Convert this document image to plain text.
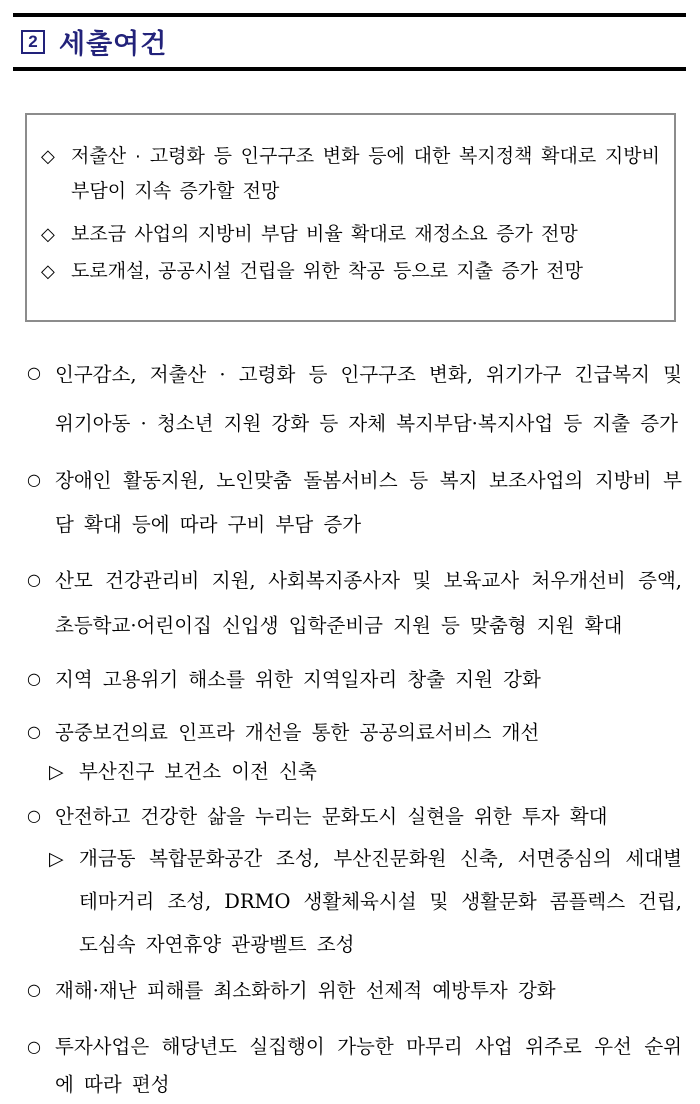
2 세출여건
◇ 저출산 · 고령화 등 인구구조 변화 등에 대한 복지정책 확대로 지방비 부담이 지속 증가할 전망
◇ 보조금 사업의 지방비 부담 비율 확대로 재정소요 증가 전망
◇ 도로개설, 공공시설 건립을 위한 착공 등으로 지출 증가 전망
○ 인구감소, 저출산 · 고령화 등 인구구조 변화, 위기가구 긴급복지 및 위기아동 · 청소년 지원 강화 등 자체 복지부담·복지사업 등 지출 증가
○ 장애인 활동지원, 노인맞춤 돌봄서비스 등 복지 보조사업의 지방비 부담 확대 등에 따라 구비 부담 증가
○ 산모 건강관리비 지원, 사회복지종사자 및 보육교사 처우개선비 증액, 초등학교·어린이집 신입생 입학준비금 지원 등 맞춤형 지원 확대
○ 지역 고용위기 해소를 위한 지역일자리 창출 지원 강화
○ 공중보건의료 인프라 개선을 통한 공공의료서비스 개선
▷ 부산진구 보건소 이전 신축
○ 안전하고 건강한 삶을 누리는 문화도시 실현을 위한 투자 확대
▷ 개금동 복합문화공간 조성, 부산진문화원 신축, 서면중심의 세대별 테마거리 조성, DRMO 생활체육시설 및 생활문화 콤플렉스 건립, 도심속 자연휴양 관광벨트 조성
○ 재해·재난 피해를 최소화하기 위한 선제적 예방투자 강화
○ 투자사업은 해당년도 실집행이 가능한 마무리 사업 위주로 우선 순위에 따라 편성
